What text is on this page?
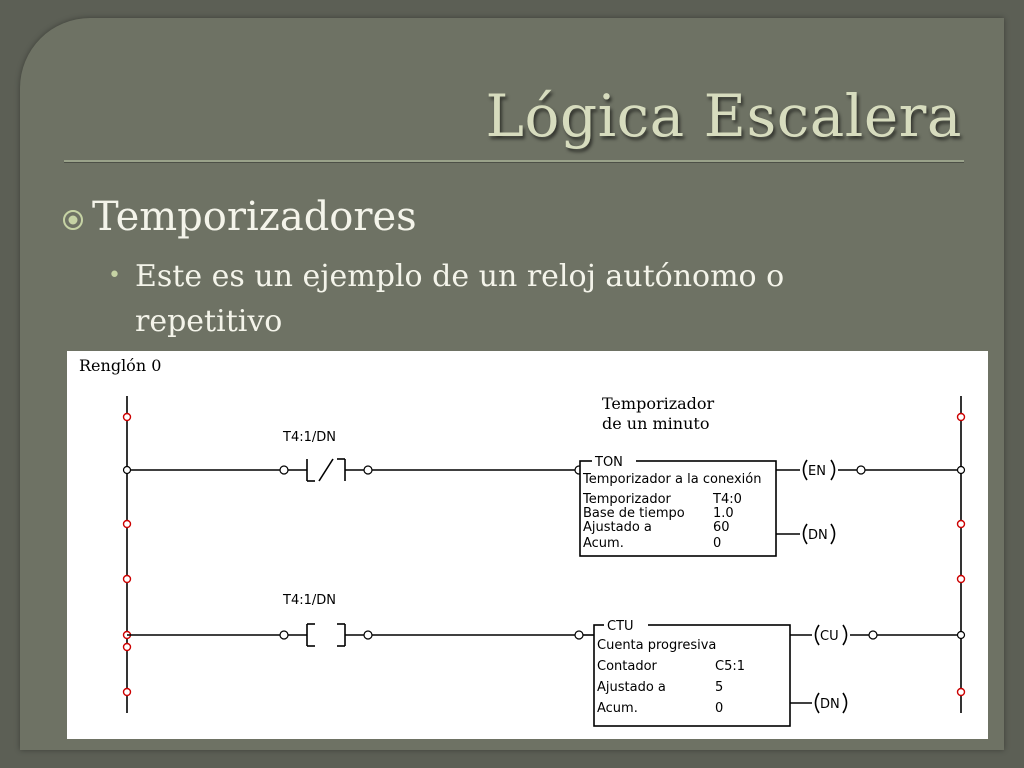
Lógica Escalera
Temporizadores
• Este es un ejemplo de un reloj autónomo o repetitivo
Renglón 0
Temporizador
de un minuto
T4:1/DN
TON
Temporizador a la conexión
Temporizador	T4:0
Base de tiempo 1.0
Ajustado a	60
Acum.	0
EN
DN
T4:1/DN
CTU
Cuenta progresiva
Contador	C5:1
Ajustado a	5
Acum.	0
CU
DN
